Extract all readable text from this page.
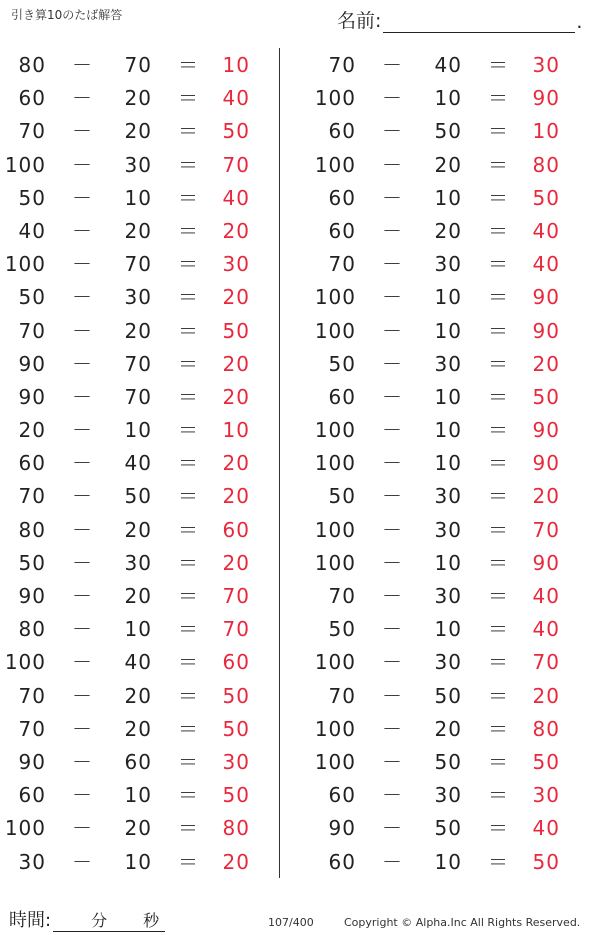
引き算10のたば解答	名前:	.
80 －	70 ＝	10
60 －	20 ＝	40
70 －	20 ＝	50
100 －	30 ＝	70
50 －	10 ＝	40
40 －	20 ＝	20
100 －	70 ＝	30
50 －	30 ＝	20
70 －	20 ＝	50
90 －	70 ＝	20
90 －	70 ＝	20
20 －	10 ＝	10
60 －	40 ＝	20
70 －	50 ＝	20
80 －	20 ＝	60
50 －	30 ＝	20
90 －	20 ＝	70
80 －	10 ＝	70
100 －	40 ＝	60
70 －	20 ＝	50
70 －	20 ＝	50
90 －	60 ＝	30
60 －	10 ＝	50
100 －	20 ＝	80
30 －	10 ＝	20
70 －	40 ＝	30
100 －	10 ＝	90
60 －	50 ＝	10
100 －	20 ＝	80
60 －	10 ＝	50
60 －	20 ＝	40
70 －	30 ＝	40
100 －	10 ＝	90
100 －	10 ＝	90
50 －	30 ＝	20
60 －	10 ＝	50
100 －	10 ＝	90
100 －	10 ＝	90
50 －	30 ＝	20
100 －	30 ＝	70
100 －	10 ＝	90
70 －	30 ＝	40
50 －	10 ＝	40
100 －	30 ＝	70
70 －	50 ＝	20
100 －	20 ＝	80
100 －	50 ＝	50
60 －	30 ＝	30
90 －	50 ＝	40
60 －	10 ＝	50
時間:	分 秒	107/400	Copyright © Alpha.Inc All Rights Reserved.
